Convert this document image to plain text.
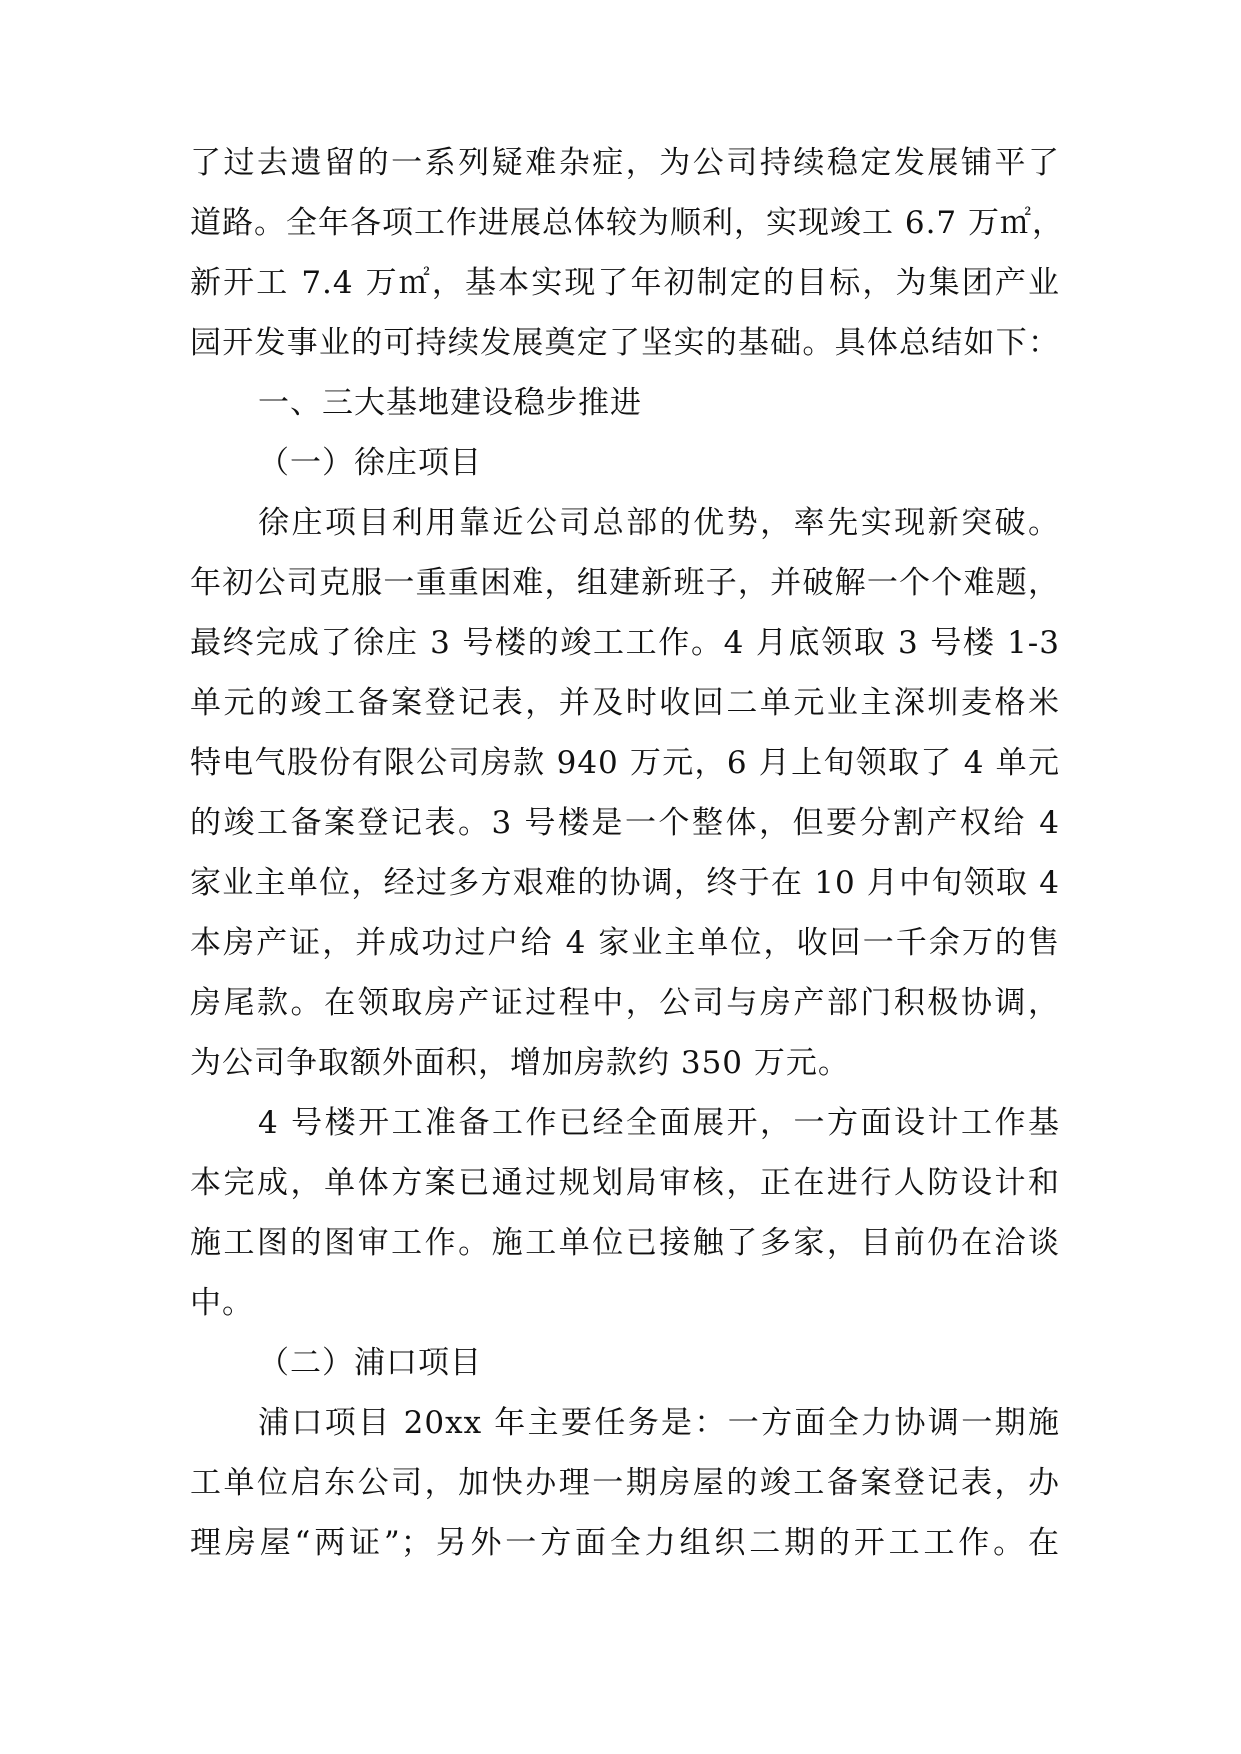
了过去遗留的一系列疑难杂症，为公司持续稳定发展铺平了
道路。全年各项工作进展总体较为顺利，实现竣工 6.7 万㎡，
新开工 7.4 万㎡，基本实现了年初制定的目标，为集团产业
园开发事业的可持续发展奠定了坚实的基础。具体总结如下：
一、三大基地建设稳步推进
（一）徐庄项目
徐庄项目利用靠近公司总部的优势，率先实现新突破。
年初公司克服一重重困难，组建新班子，并破解一个个难题，
最终完成了徐庄 3 号楼的竣工工作。4 月底领取 3 号楼 1-3
单元的竣工备案登记表，并及时收回二单元业主深圳麦格米
特电气股份有限公司房款 940 万元，6 月上旬领取了 4 单元
的竣工备案登记表。3 号楼是一个整体，但要分割产权给 4
家业主单位，经过多方艰难的协调，终于在 10 月中旬领取 4
本房产证，并成功过户给 4 家业主单位，收回一千余万的售
房尾款。在领取房产证过程中，公司与房产部门积极协调，
为公司争取额外面积，增加房款约 350 万元。
4 号楼开工准备工作已经全面展开，一方面设计工作基
本完成，单体方案已通过规划局审核，正在进行人防设计和
施工图的图审工作。施工单位已接触了多家，目前仍在洽谈
中。
（二）浦口项目
浦口项目 20xx 年主要任务是：一方面全力协调一期施
工单位启东公司，加快办理一期房屋的竣工备案登记表，办
理房屋“两证”；另外一方面全力组织二期的开工工作。在
